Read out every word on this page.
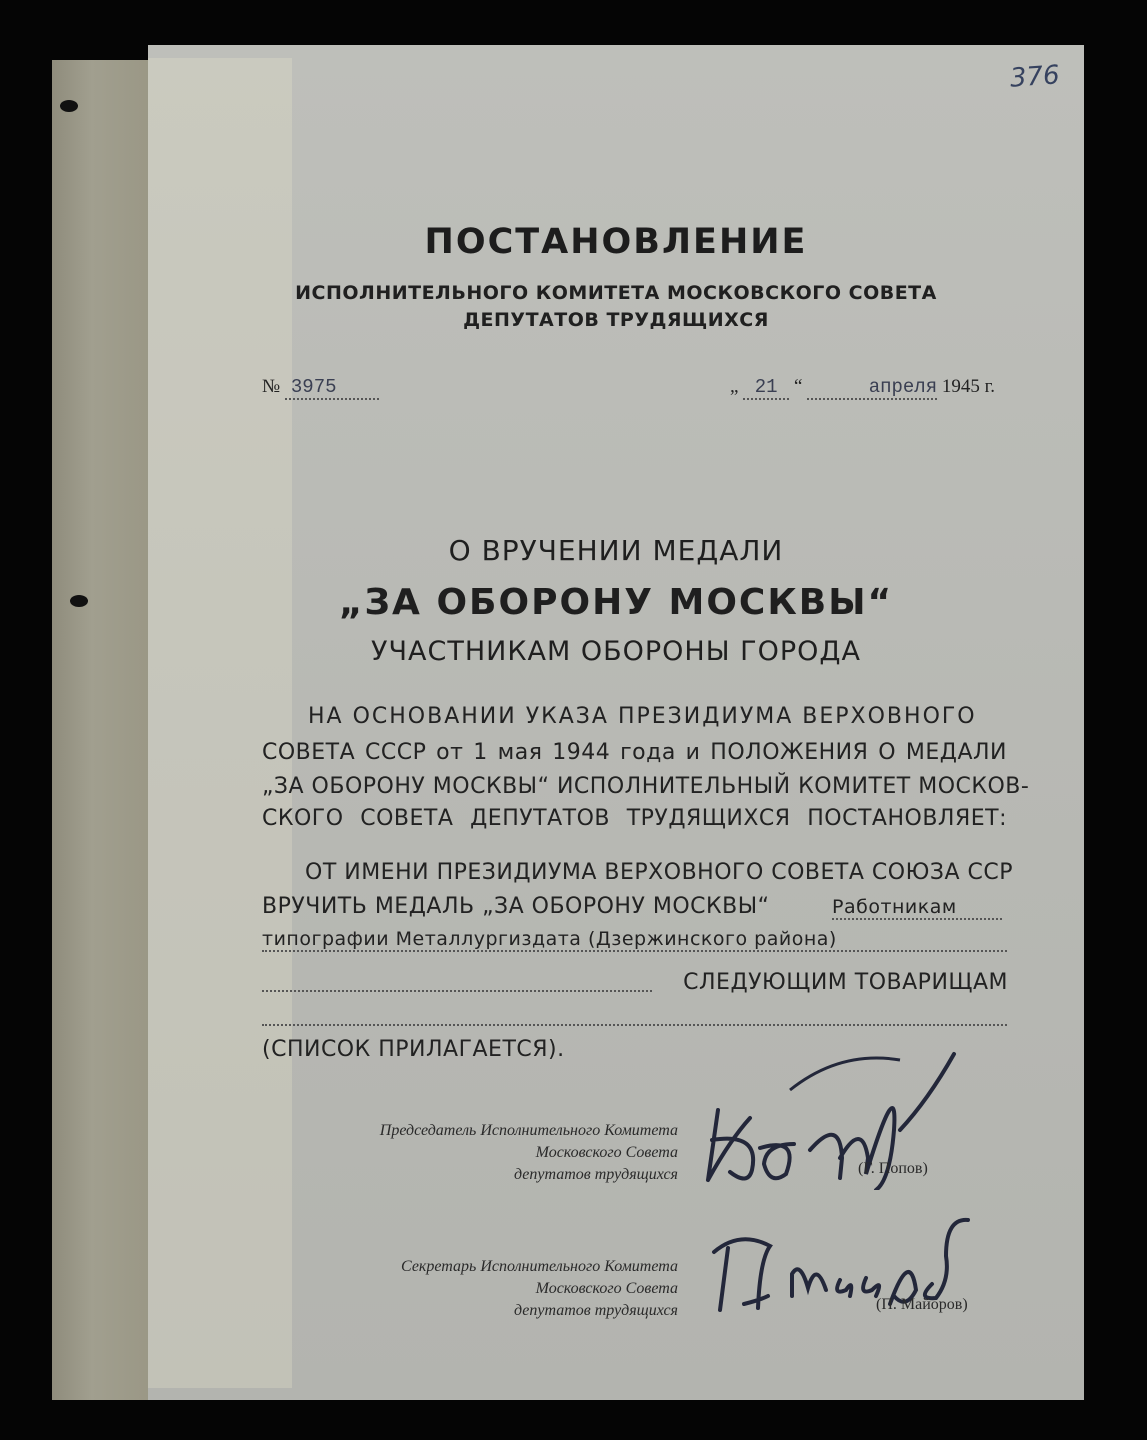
376
ПОСТАНОВЛЕНИЕ
ИСПОЛНИТЕЛЬНОГО КОМИТЕТА МОСКОВСКОГО СОВЕТА
ДЕПУТАТОВ ТРУДЯЩИХСЯ
№ 3975	„ 21 “	апреля 1945 г.
О ВРУЧЕНИИ МЕДАЛИ
„ЗА ОБОРОНУ МОСКВЫ“
УЧАСТНИКАМ ОБОРОНЫ ГОРОДА
НА ОСНОВАНИИ УКАЗА ПРЕЗИДИУМА ВЕРХОВНОГО
СОВЕТА СССР от 1 мая 1944 года и ПОЛОЖЕНИЯ О МЕДАЛИ
„ЗА ОБОРОНУ МОСКВЫ“ ИСПОЛНИТЕЛЬНЫЙ КОМИТЕТ МОСКОВ-
СКОГО СОВЕТА ДЕПУТАТОВ ТРУДЯЩИХСЯ ПОСТАНОВЛЯЕТ:
ОТ ИМЕНИ ПРЕЗИДИУМА ВЕРХОВНОГО СОВЕТА СОЮЗА ССР
ВРУЧИТЬ МЕДАЛЬ „ЗА ОБОРОНУ МОСКВЫ“	Работникам
типографии Металлургиздата (Дзержинского района)
СЛЕДУЮЩИМ ТОВАРИЩАМ
(СПИСОК ПРИЛАГАЕТСЯ).
Председатель Исполнительного Комитета
Московского Совета
депутатов трудящихся	(Г. Попов)
Секретарь Исполнительного Комитета
Московского Совета
депутатов трудящихся	(П. Майоров)
